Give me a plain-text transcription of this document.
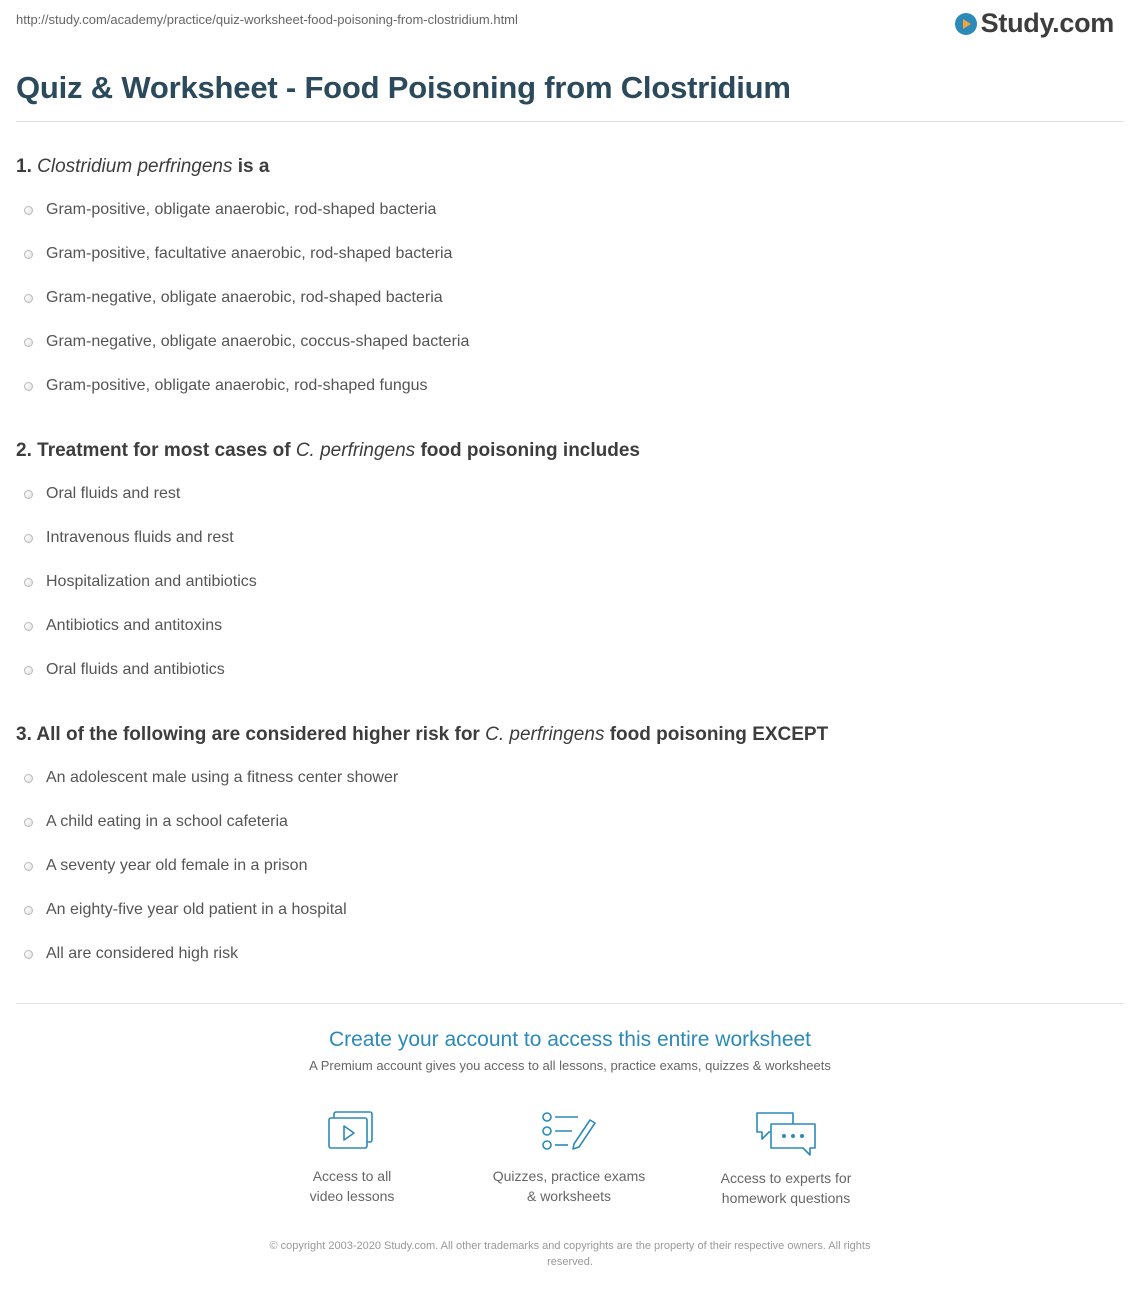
http://study.com/academy/practice/quiz-worksheet-food-poisoning-from-clostridium.html	Study.com
Quiz & Worksheet - Food Poisoning from Clostridium
1. Clostridium perfringens is a
Gram-positive, obligate anaerobic, rod-shaped bacteria
Gram-positive, facultative anaerobic, rod-shaped bacteria
Gram-negative, obligate anaerobic, rod-shaped bacteria
Gram-negative, obligate anaerobic, coccus-shaped bacteria
Gram-positive, obligate anaerobic, rod-shaped fungus
2. Treatment for most cases of C. perfringens food poisoning includes
Oral fluids and rest
Intravenous fluids and rest
Hospitalization and antibiotics
Antibiotics and antitoxins
Oral fluids and antibiotics
3. All of the following are considered higher risk for C. perfringens food poisoning EXCEPT
An adolescent male using a fitness center shower
A child eating in a school cafeteria
A seventy year old female in a prison
An eighty-five year old patient in a hospital
All are considered high risk
Create your account to access this entire worksheet
A Premium account gives you access to all lessons, practice exams, quizzes & worksheets
Access to all
video lessons
Quizzes, practice exams
& worksheets
Access to experts for
homework questions
© copyright 2003-2020 Study.com. All other trademarks and copyrights are the property of their respective owners. All rights
reserved.
